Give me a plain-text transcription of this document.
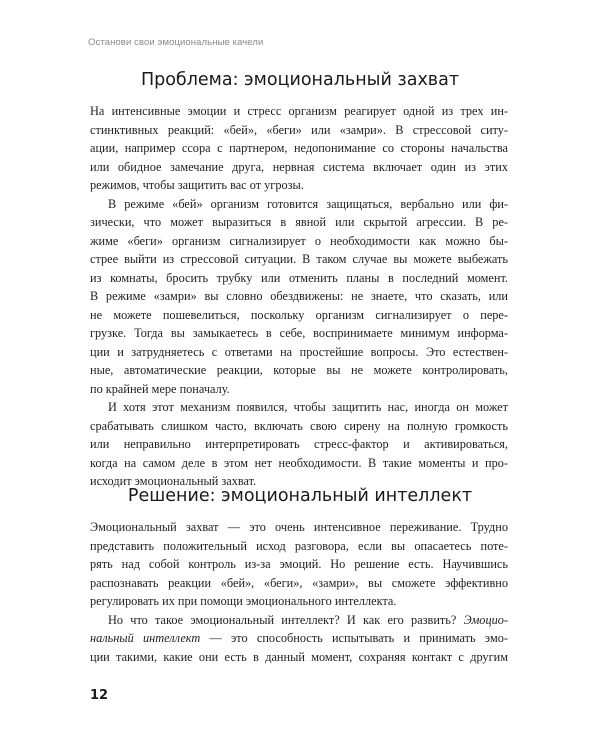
Останови свои эмоциональные качели
Проблема: эмоциональный захват
На интенсивные эмоции и стресс организм реагирует одной из трех ин-
стинктивных реакций: «бей», «беги» или «замри». В стрессовой ситу-
ации, например ссора с партнером, недопонимание со стороны начальства
или обидное замечание друга, нервная система включает один из этих
режимов, чтобы защитить вас от угрозы.
В режиме «бей» организм готовится защищаться, вербально или фи-
зически, что может выразиться в явной или скрытой агрессии. В ре-
жиме «беги» организм сигнализирует о необходимости как можно бы-
стрее выйти из стрессовой ситуации. В таком случае вы можете выбежать
из комнаты, бросить трубку или отменить планы в последний момент.
В режиме «замри» вы словно обездвижены: не знаете, что сказать, или
не можете пошевелиться, поскольку организм сигнализирует о пере-
грузке. Тогда вы замыкаетесь в себе, воспринимаете минимум информа-
ции и затрудняетесь с ответами на простейшие вопросы. Это естествен-
ные, автоматические реакции, которые вы не можете контролировать,
по крайней мере поначалу.
И хотя этот механизм появился, чтобы защитить нас, иногда он может
срабатывать слишком часто, включать свою сирену на полную громкость
или неправильно интерпретировать стресс-фактор и активироваться,
когда на самом деле в этом нет необходимости. В такие моменты и про-
исходит эмоциональный захват.
Решение: эмоциональный интеллект
Эмоциональный захват — это очень интенсивное переживание. Трудно
представить положительный исход разговора, если вы опасаетесь поте-
рять над собой контроль из-за эмоций. Но решение есть. Научившись
распознавать реакции «бей», «беги», «замри», вы сможете эффективно
регулировать их при помощи эмоционального интеллекта.
Но что такое эмоциональный интеллект? И как его развить? Эмоцио-
нальный интеллект — это способность испытывать и принимать эмо-
ции такими, какие они есть в данный момент, сохраняя контакт с другим
12
